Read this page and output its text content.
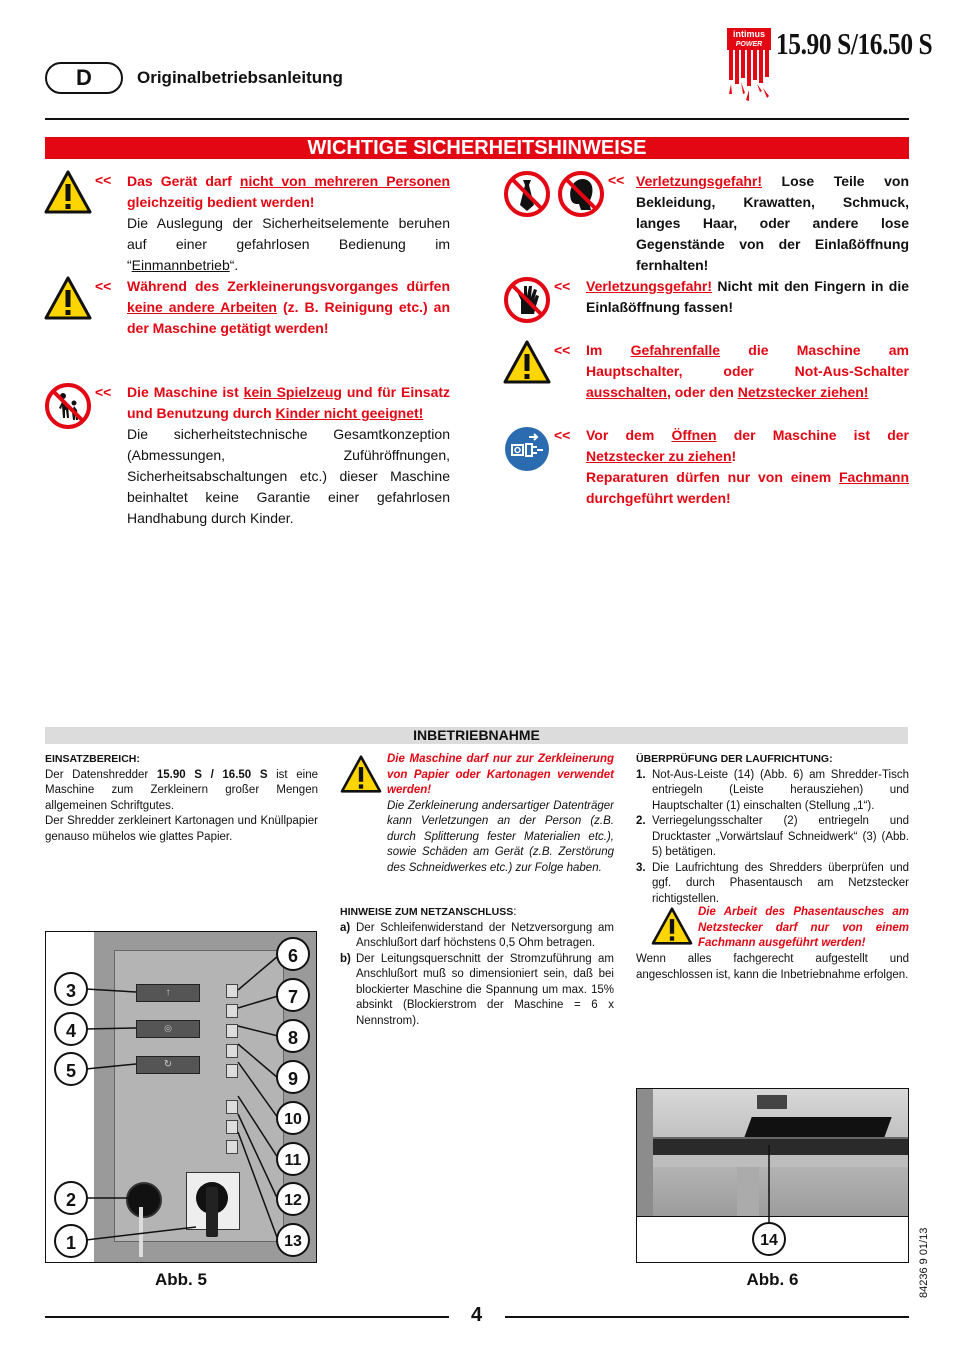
D	Originalbetriebsanleitung
intimus
POWER 15.90 S/16.50 S
WICHTIGE SICHERHEITSHINWEISE
<< Das Gerät darf nicht von mehreren Personen gleichzeitig bedient werden!
Die Auslegung der Sicherheitselemente beruhen auf einer gefahrlosen Bedienung im “Einmannbetrieb“.
<< Während des Zerkleinerungsvorganges dürfen keine andere Arbeiten (z. B. Reinigung etc.) an der Maschine getätigt werden!
<< Die Maschine ist kein Spielzeug und für Einsatz und Benutzung durch Kinder nicht geeignet!
Die sicherheitstechnische Gesamtkonzeption (Abmessungen, Zuführöffnungen, Sicherheitsabschaltungen etc.) dieser Maschine beinhaltet keine Garantie einer gefahrlosen Handhabung durch Kinder.
<< Verletzungsgefahr! Lose Teile von Bekleidung, Krawatten, Schmuck, langes Haar, oder andere lose Gegenstände von der Einlaßöffnung fernhalten!
<< Verletzungsgefahr! Nicht mit den Fingern in die Einlaßöffnung fassen!
<< Im Gefahrenfalle die Maschine am Hauptschalter, oder Not-Aus-Schalter ausschalten, oder den Netzstecker ziehen!
<< Vor dem Öffnen der Maschine ist der Netzstecker zu ziehen!
Reparaturen dürfen nur von einem Fachmann durchgeführt werden!
INBETRIEBNAHME
EINSATZBEREICH:
Der Datenshredder 15.90 S / 16.50 S ist eine Maschine zum Zerkleinern großer Mengen allgemeinen Schriftgutes.
Der Shredder zerkleinert Kartonagen und Knüllpapier genauso mühelos wie glattes Papier.
Die Maschine darf nur zur Zerkleinerung von Papier oder Kartonagen verwendet werden!
Die Zerkleinerung andersartiger Datenträger kann Verletzungen an der Person (z.B. durch Splitterung fester Materialien etc.), sowie Schäden am Gerät (z.B. Zerstörung des Schneidwerkes etc.) zur Folge haben.
HINWEISE ZUM NETZANSCHLUSS:
a) Der Schleifenwiderstand der Netzversorgung am Anschlußort darf höchstens 0,5 Ohm betragen.
b) Der Leitungsquerschnitt der Stromzuführung am Anschlußort muß so dimensioniert sein, daß bei blockierter Maschine die Spannung um max. 15% absinkt (Blockierstrom der Maschine = 6 x Nennstrom).
ÜBERPRÜFUNG DER LAUFRICHTUNG:
1. Not-Aus-Leiste (14) (Abb. 6) am Shredder-Tisch entriegeln (Leiste herausziehen) und Hauptschalter (1) einschalten (Stellung „1“).
2. Verriegelungsschalter (2) entriegeln und Drucktaster „Vorwärtslauf Schneidwerk“ (3) (Abb. 5) betätigen.
3. Die Laufrichtung des Shredders überprüfen und ggf. durch Phasentausch am Netzstecker richtigstellen.
Die Arbeit des Phasentausches am Netzstecker darf nur von einem Fachmann ausgeführt werden!
Wenn alles fachgerecht aufgestellt und angeschlossen ist, kann die Inbetriebnahme erfolgen.
↑
◎
↻
3
4
5
2
1
6
7
8
9
10
11
12
13
Abb. 5
14
Abb. 6	84236 9 01/13
4
